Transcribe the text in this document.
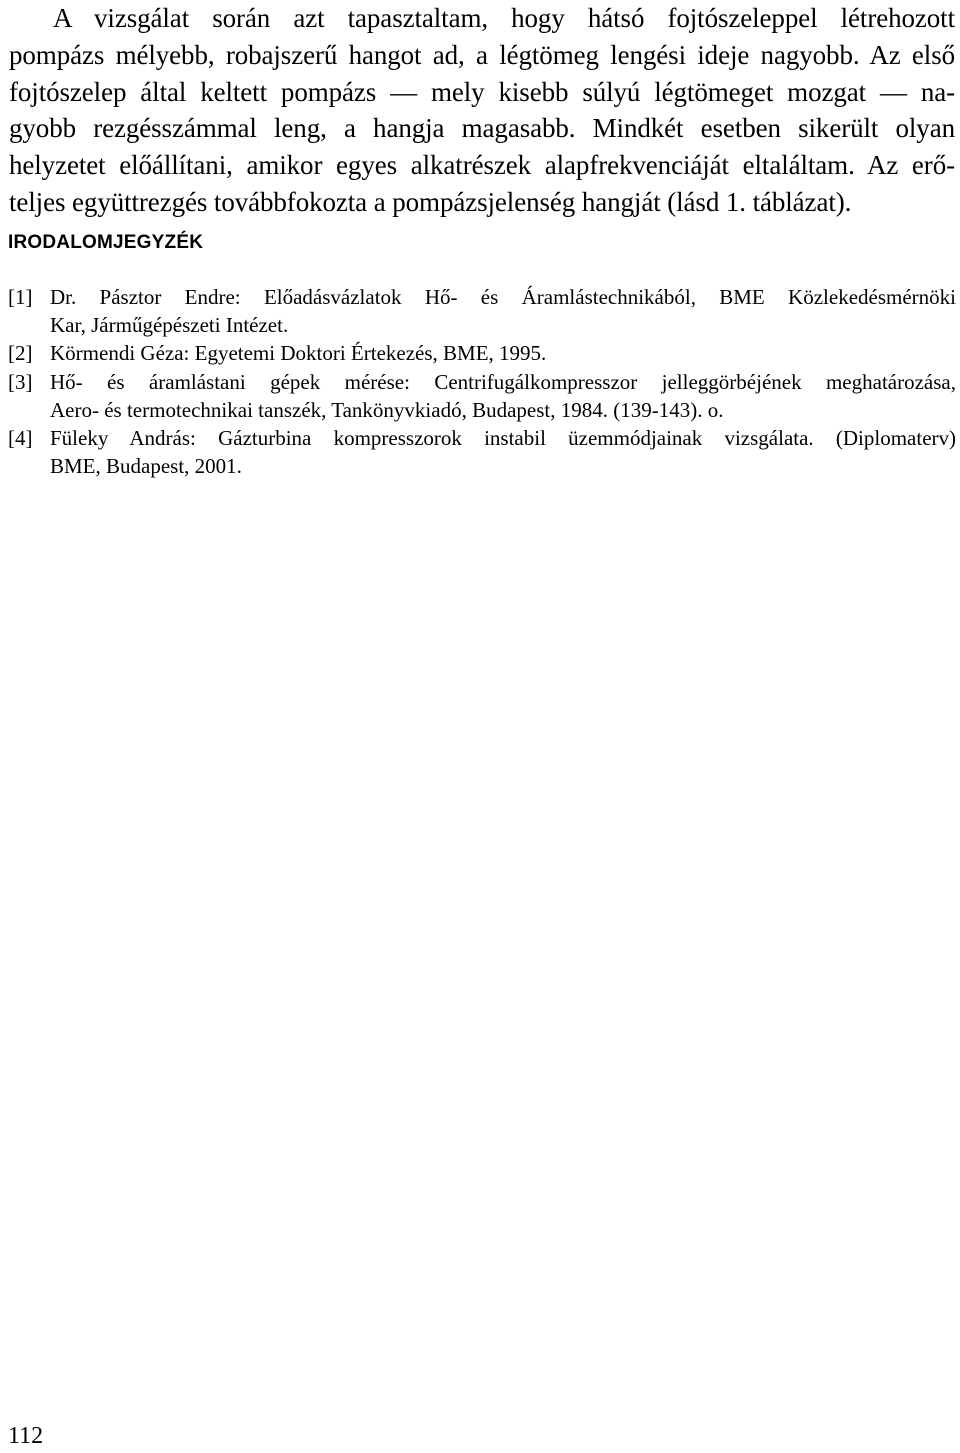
A vizsgálat során azt tapasztaltam, hogy hátsó fojtószeleppel létrehozott
pompázs mélyebb, robajszerű hangot ad, a légtömeg lengési ideje nagyobb. Az első
fojtószelep által keltett pompázs — mely kisebb súlyú légtömeget mozgat — na-
gyobb rezgésszámmal leng, a hangja magasabb. Mindkét esetben sikerült olyan
helyzetet előállítani, amikor egyes alkatrészek alapfrekvenciáját eltaláltam. Az erő-
teljes együttrezgés továbbfokozta a pompázsjelenség hangját (lásd 1. táblázat).

IRODALOMJEGYZÉK
[1] Dr. Pásztor Endre: Előadásvázlatok Hő- és Áramlástechnikából, BME Közlekedésmérnöki
Kar, Járműgépészeti Intézet.
[2] Körmendi Géza: Egyetemi Doktori Értekezés, BME, 1995.
[3] Hő- és áramlástani gépek mérése: Centrifugálkompresszor jelleggörbéjének meghatározása,
Aero- és termotechnikai tanszék, Tankönyvkiadó, Budapest, 1984. (139-143). o.
[4] Füleky András: Gázturbina kompresszorok instabil üzemmódjainak vizsgálata. (Diplomaterv)
BME, Budapest, 2001.
112
